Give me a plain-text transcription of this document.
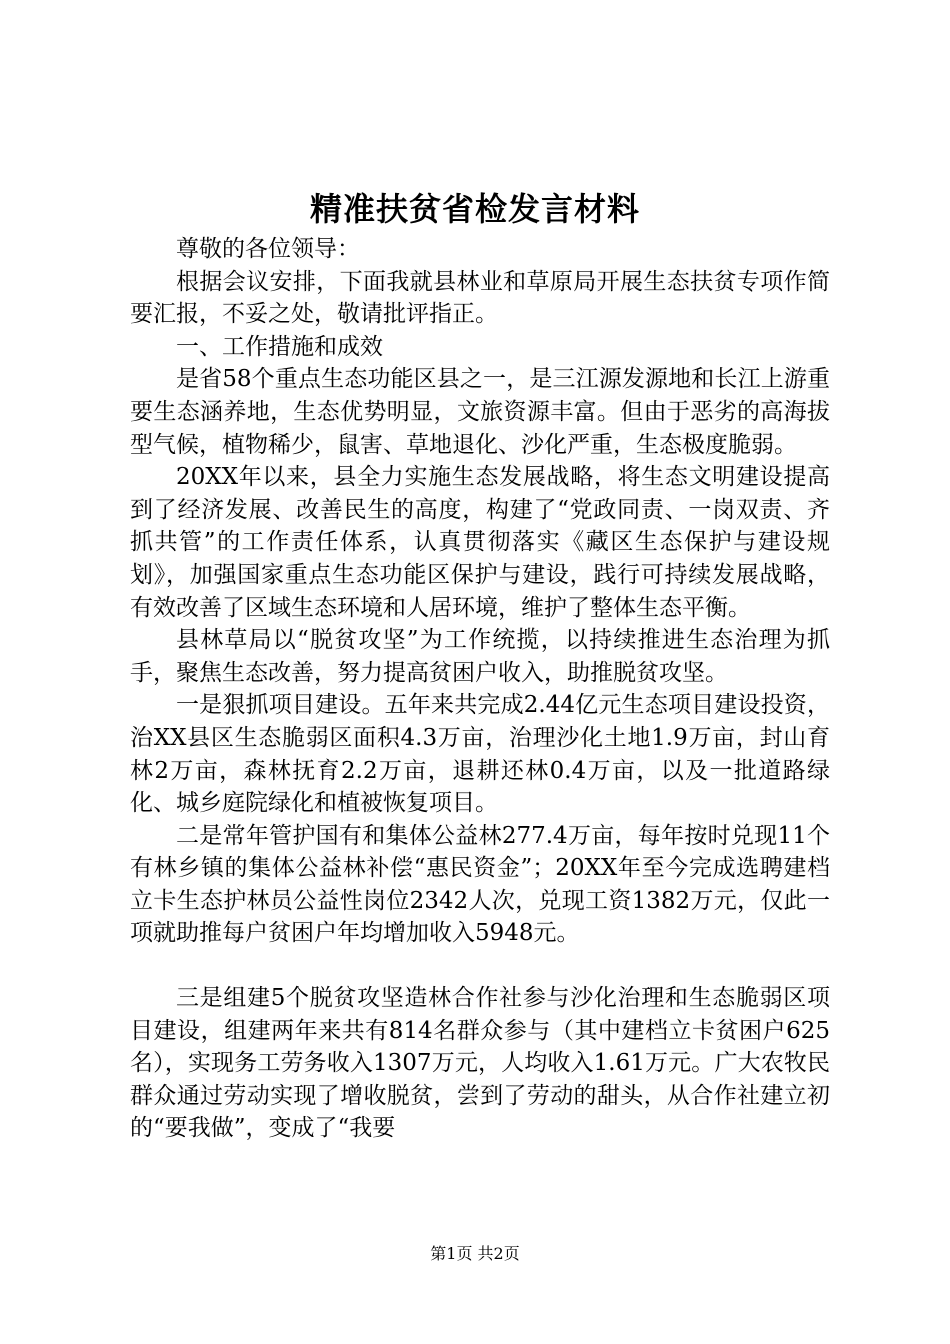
精准扶贫省检发言材料

尊敬的各位领导：

根据会议安排，下面我就县林业和草原局开展生态扶贫专项作简要汇报，不妥之处，敬请批评指正。

一、工作措施和成效

是省58个重点生态功能区县之一，是三江源发源地和长江上游重要生态涵养地，生态优势明显，文旅资源丰富。但由于恶劣的高海拔型气候，植物稀少，鼠害、草地退化、沙化严重，生态极度脆弱。

20XX年以来，县全力实施生态发展战略，将生态文明建设提高到了经济发展、改善民生的高度，构建了“党政同责、一岗双责、齐抓共管”的工作责任体系，认真贯彻落实《藏区生态保护与建设规划》，加强国家重点生态功能区保护与建设，践行可持续发展战略，有效改善了区域生态环境和人居环境，维护了整体生态平衡。

县林草局以“脱贫攻坚”为工作统揽，以持续推进生态治理为抓手，聚焦生态改善，努力提高贫困户收入，助推脱贫攻坚。

一是狠抓项目建设。五年来共完成2.44亿元生态项目建设投资，治XX县区生态脆弱区面积4.3万亩，治理沙化土地1.9万亩，封山育林2万亩，森林抚育2.2万亩，退耕还林0.4万亩，以及一批道路绿化、城乡庭院绿化和植被恢复项目。

二是常年管护国有和集体公益林277.4万亩，每年按时兑现11个有林乡镇的集体公益林补偿“惠民资金”；20XX年至今完成选聘建档立卡生态护林员公益性岗位2342人次，兑现工资1382万元，仅此一项就助推每户贫困户年均增加收入5948元。

三是组建5个脱贫攻坚造林合作社参与沙化治理和生态脆弱区项目建设，组建两年来共有814名群众参与（其中建档立卡贫困户625名），实现务工劳务收入1307万元，人均收入1.61万元。广大农牧民群众通过劳动实现了增收脱贫，尝到了劳动的甜头，从合作社建立初的“要我做”，变成了“我要

第1页 共2页
